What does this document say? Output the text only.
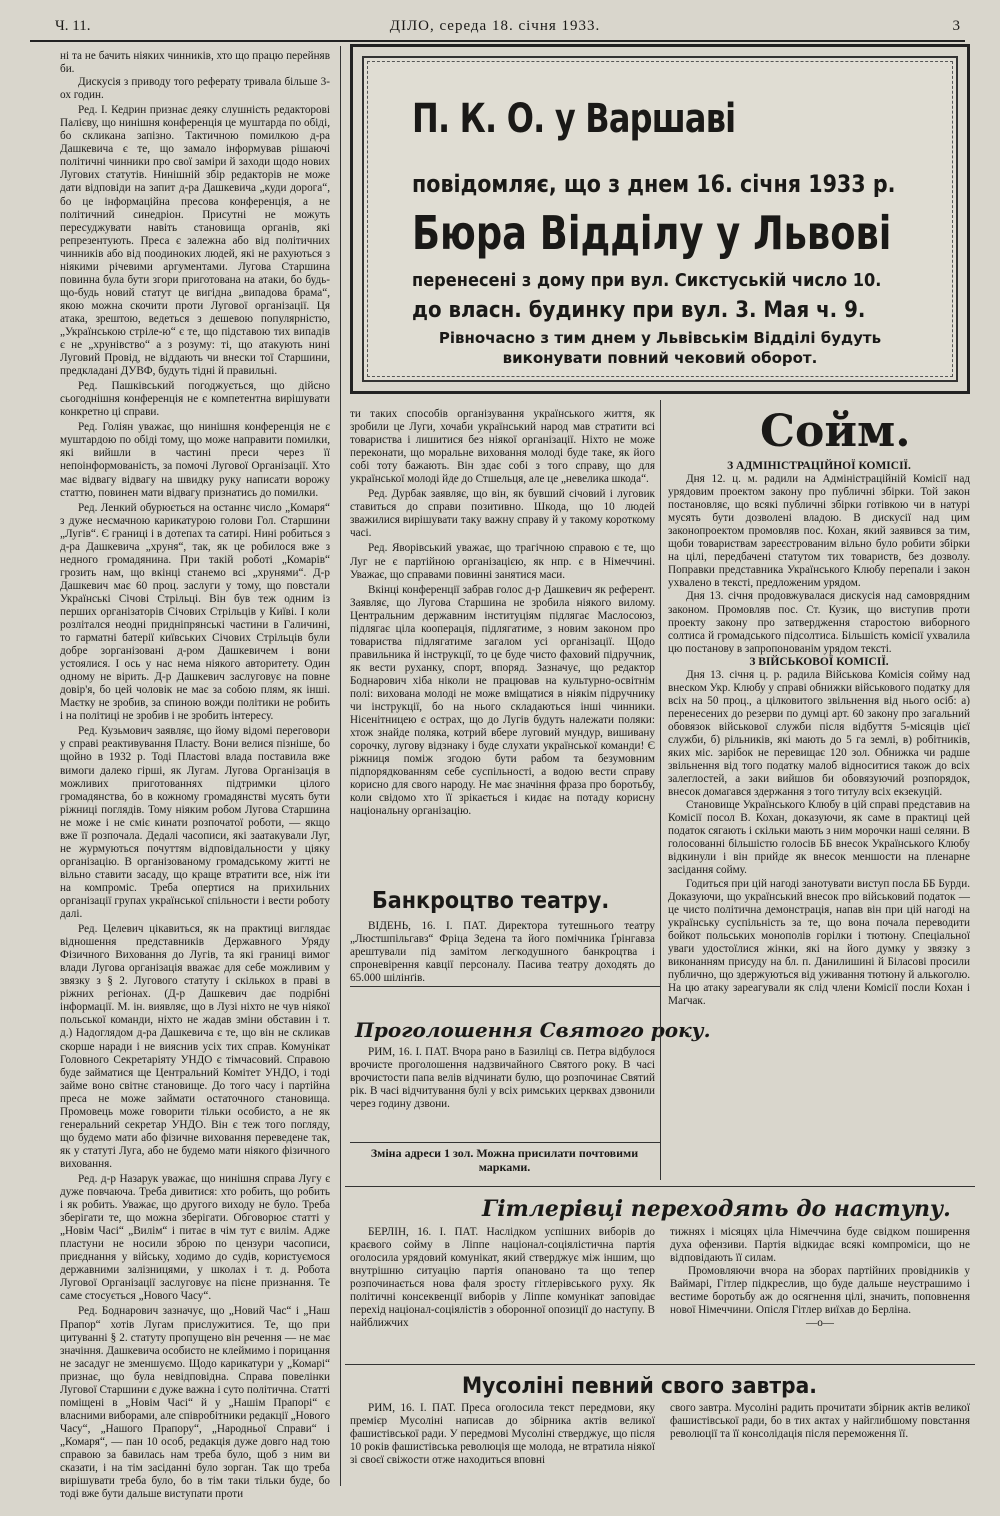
Ч. 11.	ДІЛО, середа 18. січня 1933.	3

ні та не бачить ніяких чинників, хто що працю перейняв би.

Дискусія з приводу того реферату тривала більше 3-ох годин.

Ред. І. Кедрин признає деяку слушність редакторові Палієву, що нинішня конференція це муштарда по обіді, бо скликана запізно. Тактичною помилкою д-ра Дашкевича є те, що замало інформував рішаючі політичні чинники про свої заміри й заходи щодо нових Лугових статутів. Нинішній збір редакторів не може дати відповіди на запит д-ра Дашкевича „куди дорога“, бо це інформаційна пресова конференція, а не політичний синедріон. Присутні не можуть пересуджувати навіть становища органів, які репрезентують. Преса є залежна або від політичних чинників або від поодиноких людей, які не рахуються з ніякими річевими аргументами. Лугова Старшина повинна була бути згори приготована на атаки, бо будь-що-будь новий статут це вигідна „випадова брама“, якою можна скочити проти Лугової організації. Ця атака, зрештою, ведеться з дешевою популярністю, „Українською стріле-ю“ є те, що підставою тих випадів є не „хрунівство“ а з розуму: ті, що атакують нині Луговий Провід, не віддають чи внески тої Старшини, предкладані ДУВФ, будуть тідні й правильні.

Ред. Пашківський погоджується, що дійсно сьогоднішня конференція не є компетентна вирішувати конкретно ці справи.

Ред. Голіян уважає, що нинішня конференція не є муштардою по обіді тому, що може направити помилки, які вийшли в частині преси через її непоінформованість, за помочі Лугової Організації. Хто має відвагу відвагу на швидку руку написати ворожу статтю, повинен мати відвагу признатись до помилки.

Ред. Ленкий обурюється на останнє число „Комаря“ з дуже несмачною карикатурою голови Гол. Старшини „Лугів“. Є границі і в дотепах та сатирі. Нині робиться з д-ра Дашкевича „хруня“, так, як це робилося вже з недного громадянина. При такій роботі „Комарів“ грозить нам, що вкінці станемо всі „хрунями“. Д-р Дашкевич має 60 проц. заслуги у тому, що повстали Українські Січові Стрільці. Він був теж одним із перших організаторів Січових Стрільців у Київі. І коли розлітался неодні приднiпрянські частини в Галичині, то гарматні батерії київських Січових Стрільців були добре зорганізовані д-ром Дашкевичем і вони устоялися. І ось у нас нема ніякого авторитету. Один одному не вірить. Д-р Дашкевич заслуговує на повне довір'я, бо цей чоловік не має за собою плям, як інші. Маєтку не зробив, за спиною вожди політики не робить і на політиці не зробив і не зробить інтересу.

Ред. Кузьмович заявляє, що йому відомі переговори у справі реактивування Пласту. Вони велися пізніше, бо щойно в 1932 р. Тоді Пластові влада поставила вже вимоги далеко гірші, як Лугам. Лугова Організація в можливих приготованнях підтримки цілого громадянства, бо в кожному громадянстві мусять бути ріжниці поглядів. Тому ніяким робом Лугова Старшина не може і не сміє кинати розпочатої роботи, — якщо вже її розпочала. Дедалі часописи, які заатакували Луг, не журмуються почуттям відповідальности у ціяку організацію. В організованому громадському житті не вільно ставити засаду, що краще втратити все, ніж іти на компроміс. Треба опертися на прихильних організації групах української спільности і вести роботу далі.

Ред. Целевич цікавиться, як на практиці виглядає відношення представників Державного Уряду Фізичного Виховання до Лугів, та які границі вимог влади Лугова організація вважає для себе можливим у звязку з § 2. Лугового статуту і скількох в праві в ріжних регіонах. (Д-р Дашкевич дає подрібні інформації. М. ін. виявляє, що в Лузі ніхто не чув ніякої польської команди, ніхто не жадав зміни обставин і т. д.) Надоглядом д-ра Дашкевича є те, що він не скликав скорше наради і не вияснив усіх тих справ. Комунікат Головного Секретаріяту УНДО є тімчасовий. Справою буде займатися ще Центральний Комітет УНДО, і тоді займе воно світнє становище. До того часу і партійна преса не може займати остаточного становища. Промовець може говорити тільки особисто, а не як генеральний секретар УНДО. Він є теж того погляду, що будемо мати або фізичне виховання переведене так, як у статуті Луга, або не будемо мати ніякого фізичного виховання.

Ред. д-р Назарук уважає, що нинішня справа Лугу є дуже повчаюча. Треба дивитися: хто робить, що робить і як робить. Уважає, що другого виходу не було. Треба зберігати те, що можна зберігати. Обговорює статті у „Новім Часі“ „Вилім“ і питає в чім тут є вилім. Адже пластуни не носили зброю по цензури часописи, приєднання у війську, ходимо до судів, користуємося державними залізницями, у школах і т. д. Робота Лугової Організації заслуговує на пієне признання. Те саме стосується „Нового Часу“.

Ред. Боднарович зазначує, що „Новий Час“ і „Наш Прапор“ хотів Лугам прислужитися. Те, що при цитуванні § 2. статуту пропущено він речення — не має значіння. Дашкевича особисто не клеймимо і порицання не засадуг не зменшуємо. Щодо карикатури у „Комарі“ признає, що була невідповідна. Справа повелінки Лугової Старшини є дуже важна і суто політична. Статті поміщені в „Новім Часі“ й у „Нашім Прапорі“ є власними виборами, але співробітники редакції „Нового Часу“, „Нашого Прапору“, „Народньої Справи“ і „Комаря“, — пан 10 особ, редакція дуже довго над тою справою за бавилась нам треба було, щоб з ним ви сказати, і на тім засіданні було зорган. Так що треба вирішувати треба було, бо в тім таки тільки буде, бо тоді вже бути дальше виступати проти

П. К. О. у Варшаві
повідомляє, що з днем 16. січня 1933 р.
Бюра Відділу у Львові
перенесені з дому при вул. Сикстуській число 10.
до власн. будинку при вул. 3. Мая ч. 9.
Рівночасно з тим днем у Львівськім Відділі будуть виконувати повний чековий оборот.

ти таких способів організування українського життя, як зробили це Луги, хочаби український народ мав стратити всі товариства і лишитися без ніякої організації. Ніхто не може переконати, що моральне виховання молоді буде таке, як його собі тоту бажають. Він здає собі з того справу, що для української молоді йде до Стшельця, але це „невелика шкода“.

Ред. Дурбак заявляє, що він, як бувший січовий і луговик ставиться до справи позитивно. Шкода, що 10 людей зважилися вирішувати таку важну справу й у такому короткому часі.

Ред. Яворівський уважає, що трагічною справою є те, що Луг не є партійною організацією, як нпр. є в Німеччині. Уважає, що справами повинні занятися маси.

Вкінці конференції забрав голос д-р Дашкевич як референт. Заявляє, що Лугова Старшина не зробила ніякого вилому. Центральним державним інституціям підлягає Маслосоюз, підлягає ціла кооперація, підлягатиме, з новим законом про товариства підлягатиме загалом усі організації. Щодо правильника й інструкції, то це буде чисто фаховий підручник, як вести руханку, спорт, впоряд. Зазначує, що редактор Боднарович хіба ніколи не працював на культурно-освітнім полі: вихована молоді не може вміщатися в ніякім підручнику чи інструкції, бо на нього складаються інші чинники. Нісенітницею є острах, що до Лугів будуть належати поляки: хтож знайде поляка, котрий вбере луговий мундур, вишивану сорочку, лугову відзнаку і буде слухати української команди! Є ріжниця поміж згодою бути рабом та безумовним підпорядкованням себе суспільності, а водою вести справу корисно для свого народу. Не має значіння фраза про боротьбу, коли свідомо хто її зрікається і кидає на потаду корисну національну організацію.

Банкроцтво театру.

ВІДЕНЬ, 16. І. ПАТ. Директора тутешнього театру „Люстшпільгавз“ Фріца Зедена та його помічника Ґрінгавза арештували під замітом легкодушного банкроцтва і спроневірення кавції персоналу. Пасива театру доходять до 65.000 шілінґів.

Проголошення Святого року.

РИМ, 16. І. ПАТ. Вчора рано в Базиліці св. Петра відбулося врочисте проголошення надзвичайного Святого року. В часі врочистости папа велів відчинати булю, що розпочинає Святий рік. В часі відчитування булі у всіх римських церквах дзвонили через годину дзвони.

Зміна адреси 1 зол. Можна присилати почтовими марками.
Сойм.

З АДМІНІСТРАЦІЙНОЇ КОМІСІЇ.

Дня 12. ц. м. радили на Адміністраційній Комісії над урядовим проектом закону про публичні збірки. Той закон постановляє, що всякі публичні збірки готівкою чи в натурі мусять бути дозволені владою. В дискусії над цим законопроектом промовляв пос. Кохан, який заявився за тим, щоби товариствам зареєстрованим вільно було робити збірки на цілі, передбачені статутом тих товариств, без дозволу. Поправки представника Українського Клюбу перепали і закон ухвалено в тексті, предложеним урядом.

Дня 13. січня продовжувалася дискусія над самоврядним законом. Промовляв пос. Ст. Кузик, що виступив проти проекту закону про затвердження старостою виборного солтиса й громадського підсолтиса. Більшість комісії ухвалила цю постанову в запропонованім урядом тексті.

З ВІЙСЬКОВОЇ КОМІСІЇ.

Дня 13. січня ц. р. радила Військова Комісія сойму над внеском Укр. Клюбу у справі обнижки військового податку для всіх на 50 проц., а цілковитого звільнення від нього осіб: а) перенесених до резерви по думці арт. 60 закону про загальний обовязок військової служби після відбуття 5-місяців цієї служби, б) рільників, які мають до 5 га землі, в) робітників, яких міс. зарібок не перевищає 120 зол. Обнижка чи радше звільнення від того податку малоб відноситися також до всіх залеглостей, а заки вийшов би обовязуючий розпорядок, внесок домагався здержання з того титулу всіх екзекуцій.

Становище Українського Клюбу в цій справі представив на Комісії посол В. Кохан, доказуючи, як саме в практиці цей податок сягають і скільки мають з ним морочки наші селяни. В голосованні більшістю голосів ББ внесок Українського Клюбу відкинули і він прийде як внесок меншости на пленарне засідання сойму.

Годиться при цій нагоді занотувати виступ посла ББ Бурди. Доказуючи, що український внесок про військовий податок — це чисто політична демонстрація, напав він при цій нагоді на українську суспільність за те, що вона почала переводити бойкот польських монополів горілки і тютюну. Спеціальної уваги удостоїлися жінки, які на його думку у звязку з виконанням присуду на бл. п. Данилишині й Біласові просили публично, що здержуються від уживання тютюну й алькоголю. На цю атаку зареагували як слід члени Комісії посли Кохан і Маґчак.

Гітлерівці переходять до наступу.

БЕРЛІН, 16. І. ПАТ. Наслідком успішних виборів до краєвого сойму в Ліппе націонал-соціялістична партія оголосила урядовий комунікат, який стверджує між іншим, що внутрішню ситуацію партія опановано та що тепер розпочинається нова фаля зросту гітлерівського руху. Як політичні консеквенції виборів у Ліппе комунікат заповідає перехід націонал-соціялістів з оборонної опозиції до наступу. В найближчих

тижнях і місяцях ціла Німеччина буде свідком поширення духа офензиви. Партія відкидає всякі компроміси, що не відповідають її силам.

Промовляючи вчора на зборах партійних провідників у Ваймарі, Гітлер підкреслив, що буде дальше неустрашимо і вестиме боротьбу аж до осягнення цілі, значить, поповнення нової Німеччини. Опісля Гітлер виїхав до Берліна.

—о—

Мусоліні певний свого завтра.

РИМ, 16. І. ПАТ. Преса оголосила текст передмови, яку премієр Мусоліні написав до збірника актів великої фашистівської ради. У передмові Мусоліні стверджує, що після 10 років фашистівська революція ще молода, не втратила ніякої зі своєї свіжости отже находиться вповні

свого завтра. Мусоліні радить прочитати збірник актів великої фашистівської ради, бо в тих актах у найглибшому повстання революції та її консолідація після переможення її.
